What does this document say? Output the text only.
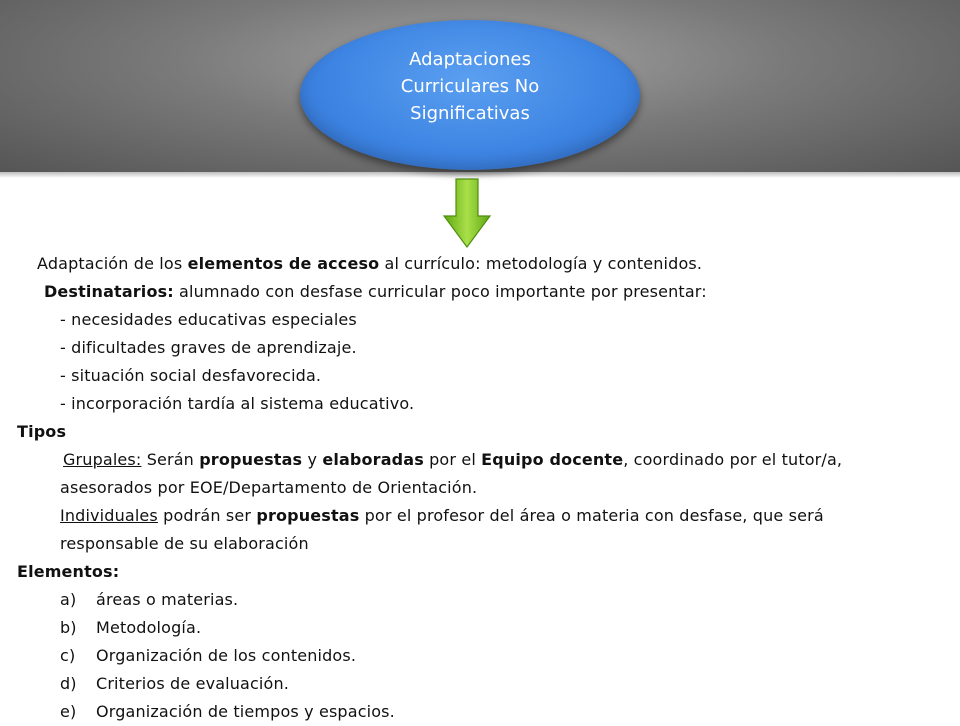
Adaptaciones
Curriculares No
Significativas
Adaptación de los elementos de acceso al currículo: metodología y contenidos.
Destinatarios: alumnado con desfase curricular poco importante por presentar:
- necesidades educativas especiales
- dificultades graves de aprendizaje.
- situación social desfavorecida.
- incorporación tardía al sistema educativo.
Tipos
Grupales: Serán propuestas y elaboradas por el Equipo docente, coordinado por el tutor/a,
asesorados por EOE/Departamento de Orientación.
Individuales podrán ser propuestas por el profesor del área o materia con desfase, que será
responsable de su elaboración
Elementos:
a) áreas o materias.
b) Metodología.
c) Organización de los contenidos.
d) Criterios de evaluación.
e) Organización de tiempos y espacios.
